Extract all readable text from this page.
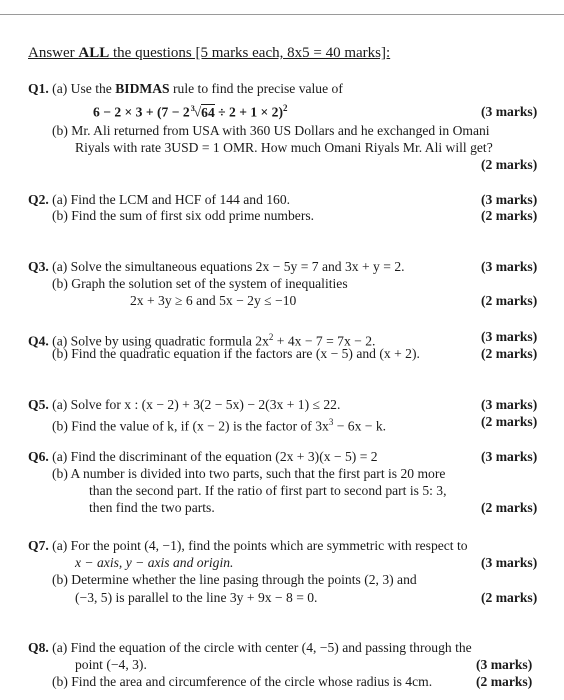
Answer ALL the questions [5 marks each, 8x5 = 40 marks]:
Q1. (a) Use the BIDMAS rule to find the precise value of
$6 - 2 \times 3 + (7 - 2^3√64 \div 2 + 1 \times 2)^2$	(3 marks)
(b) Mr. Ali returned from USA with 360 US Dollars and he exchanged in Omani
Riyals with rate 3USD = 1 OMR. How much Omani Riyals Mr. Ali will get?
(2 marks)
Q2. (a) Find the LCM and HCF of 144 and 160.	(3 marks)
(b) Find the sum of first six odd prime numbers.	(2 marks)
Q3. (a) Solve the simultaneous equations 2x − 5y = 7 and 3x + y = 2.	(3 marks)
(b) Graph the solution set of the system of inequalities
2x + 3y ≥ 6 and 5x − 2y ≤ −10	(2 marks)
Q4. (a) Solve by using quadratic formula $2x^2 + 4x - 7 = 7x - 2$.	(3 marks)
(b) Find the quadratic equation if the factors are (x − 5) and (x + 2).	(2 marks)
Q5. (a) Solve for x : (x − 2) + 3(2 − 5x) − 2(3x + 1) ≤ 22.	(3 marks)
(b) Find the value of k, if (x − 2) is the factor of $3x^3 - 6x - k$.	(2 marks)
Q6. (a) Find the discriminant of the equation (2x + 3)(x − 5) = 2	(3 marks)
(b) A number is divided into two parts, such that the first part is 20 more
than the second part. If the ratio of first part to second part is 5: 3,
then find the two parts.	(2 marks)
Q7. (a) For the point (4, −1), find the points which are symmetric with respect to
x − axis, y − axis and origin.	(3 marks)
(b) Determine whether the line pasing through the points (2, 3) and
(−3, 5) is parallel to the line 3y + 9x − 8 = 0.	(2 marks)
Q8. (a) Find the equation of the circle with center (4, −5) and passing through the
point (−4, 3).	(3 marks)
(b) Find the area and circumference of the circle whose radius is 4cm.	(2 marks)
